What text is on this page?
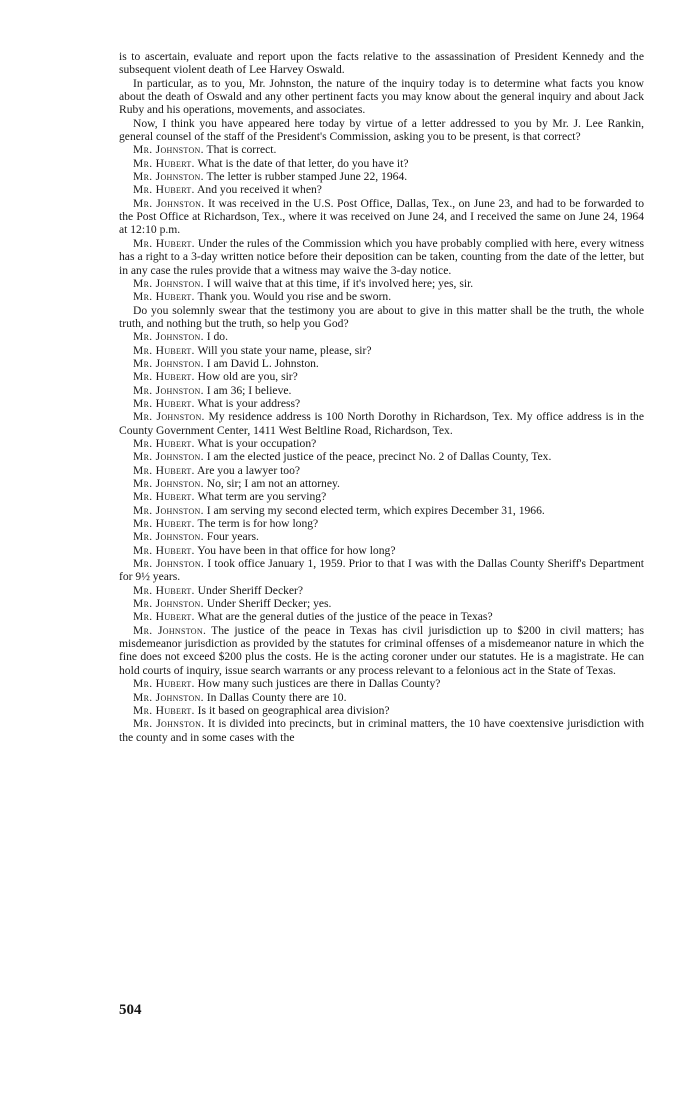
is to ascertain, evaluate and report upon the facts relative to the assassination of President Kennedy and the subsequent violent death of Lee Harvey Oswald.

In particular, as to you, Mr. Johnston, the nature of the inquiry today is to determine what facts you know about the death of Oswald and any other pertinent facts you may know about the general inquiry and about Jack Ruby and his operations, movements, and associates.

Now, I think you have appeared here today by virtue of a letter addressed to you by Mr. J. Lee Rankin, general counsel of the staff of the President's Commission, asking you to be present, is that correct?

Mr. Johnston. That is correct.

Mr. Hubert. What is the date of that letter, do you have it?

Mr. Johnston. The letter is rubber stamped June 22, 1964.

Mr. Hubert. And you received it when?

Mr. Johnston. It was received in the U.S. Post Office, Dallas, Tex., on June 23, and had to be forwarded to the Post Office at Richardson, Tex., where it was received on June 24, and I received the same on June 24, 1964 at 12:10 p.m.

Mr. Hubert. Under the rules of the Commission which you have probably complied with here, every witness has a right to a 3-day written notice before their deposition can be taken, counting from the date of the letter, but in any case the rules provide that a witness may waive the 3-day notice.

Mr. Johnston. I will waive that at this time, if it's involved here; yes, sir.

Mr. Hubert. Thank you. Would you rise and be sworn.

Do you solemnly swear that the testimony you are about to give in this matter shall be the truth, the whole truth, and nothing but the truth, so help you God?

Mr. Johnston. I do.

Mr. Hubert. Will you state your name, please, sir?

Mr. Johnston. I am David L. Johnston.

Mr. Hubert. How old are you, sir?

Mr. Johnston. I am 36; I believe.

Mr. Hubert. What is your address?

Mr. Johnston. My residence address is 100 North Dorothy in Richardson, Tex. My office address is in the County Government Center, 1411 West Beltline Road, Richardson, Tex.

Mr. Hubert. What is your occupation?

Mr. Johnston. I am the elected justice of the peace, precinct No. 2 of Dallas County, Tex.

Mr. Hubert. Are you a lawyer too?

Mr. Johnston. No, sir; I am not an attorney.

Mr. Hubert. What term are you serving?

Mr. Johnston. I am serving my second elected term, which expires December 31, 1966.

Mr. Hubert. The term is for how long?

Mr. Johnston. Four years.

Mr. Hubert. You have been in that office for how long?

Mr. Johnston. I took office January 1, 1959. Prior to that I was with the Dallas County Sheriff's Department for 9½ years.

Mr. Hubert. Under Sheriff Decker?

Mr. Johnston. Under Sheriff Decker; yes.

Mr. Hubert. What are the general duties of the justice of the peace in Texas?

Mr. Johnston. The justice of the peace in Texas has civil jurisdiction up to $200 in civil matters; has misdemeanor jurisdiction as provided by the statutes for criminal offenses of a misdemeanor nature in which the fine does not exceed $200 plus the costs. He is the acting coroner under our statutes. He is a magistrate. He can hold courts of inquiry, issue search warrants or any process relevant to a felonious act in the State of Texas.

Mr. Hubert. How many such justices are there in Dallas County?

Mr. Johnston. In Dallas County there are 10.

Mr. Hubert. Is it based on geographical area division?

Mr. Johnston. It is divided into precincts, but in criminal matters, the 10 have coextensive jurisdiction with the county and in some cases with the

504
